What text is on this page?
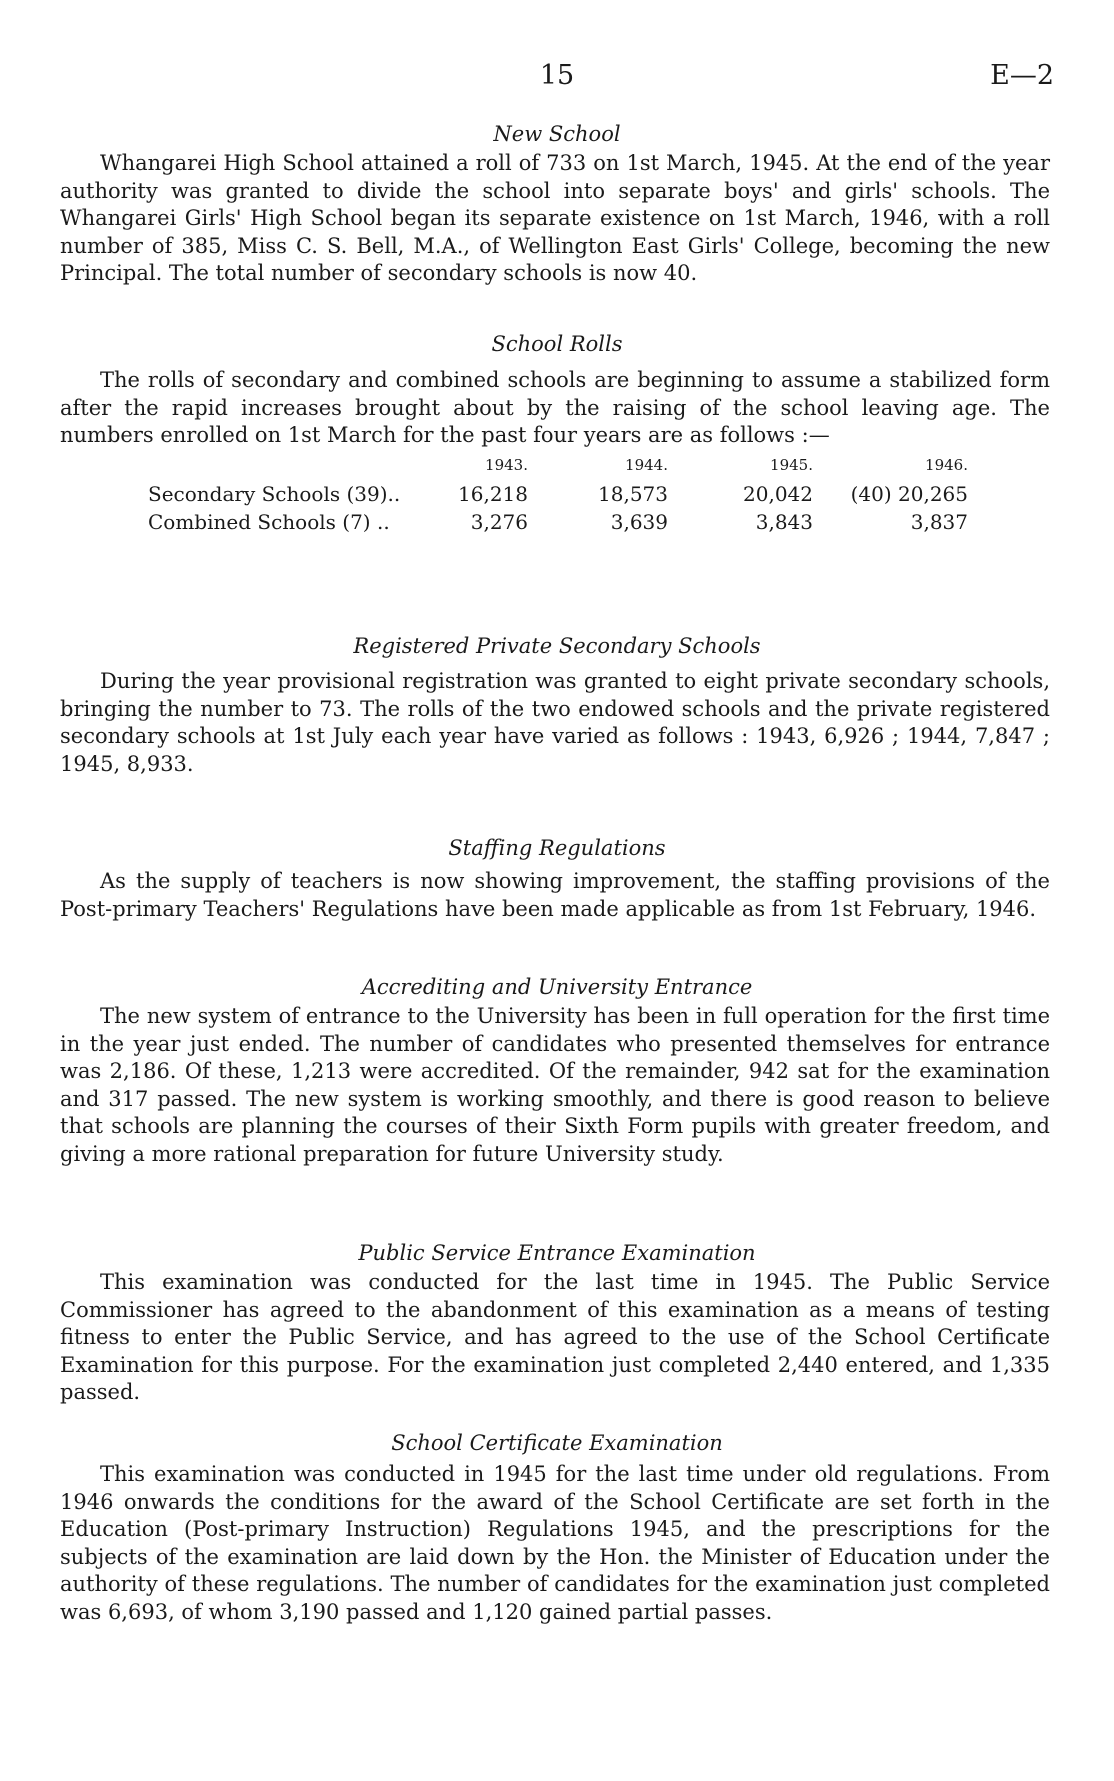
15	E—2
New School

Whangarei High School attained a roll of 733 on 1st March, 1945. At the end of the year authority was granted to divide the school into separate boys' and girls' schools. The Whangarei Girls' High School began its separate existence on 1st March, 1946, with a roll number of 385, Miss C. S. Bell, M.A., of Wellington East Girls' College, becoming the new Principal. The total number of secondary schools is now 40.

School Rolls

The rolls of secondary and combined schools are beginning to assume a stabilized form after the rapid increases brought about by the raising of the school leaving age. The numbers enrolled on 1st March for the past four years are as follows :—

	1943.	1944.	1945.	1946.
Secondary Schools (39)..	16,218	18,573	20,042	(40) 20,265
Combined Schools (7) ..	3,276	3,639	3,843	3,837
Registered Private Secondary Schools

During the year provisional registration was granted to eight private secondary schools, bringing the number to 73. The rolls of the two endowed schools and the private registered secondary schools at 1st July each year have varied as follows : 1943, 6,926 ; 1944, 7,847 ; 1945, 8,933.

Staffing Regulations

As the supply of teachers is now showing improvement, the staffing provisions of the Post-primary Teachers' Regulations have been made applicable as from 1st February, 1946.

Accrediting and University Entrance

The new system of entrance to the University has been in full operation for the first time in the year just ended. The number of candidates who presented themselves for entrance was 2,186. Of these, 1,213 were accredited. Of the remainder, 942 sat for the examination and 317 passed. The new system is working smoothly, and there is good reason to believe that schools are planning the courses of their Sixth Form pupils with greater freedom, and giving a more rational preparation for future University study.

Public Service Entrance Examination

This examination was conducted for the last time in 1945. The Public Service Commissioner has agreed to the abandonment of this examination as a means of testing fitness to enter the Public Service, and has agreed to the use of the School Certificate Examination for this purpose. For the examination just completed 2,440 entered, and 1,335 passed.

School Certificate Examination

This examination was conducted in 1945 for the last time under old regulations. From 1946 onwards the conditions for the award of the School Certificate are set forth in the Education (Post-primary Instruction) Regulations 1945, and the prescriptions for the subjects of the examination are laid down by the Hon. the Minister of Education under the authority of these regulations. The number of candidates for the examination just completed was 6,693, of whom 3,190 passed and 1,120 gained partial passes.
